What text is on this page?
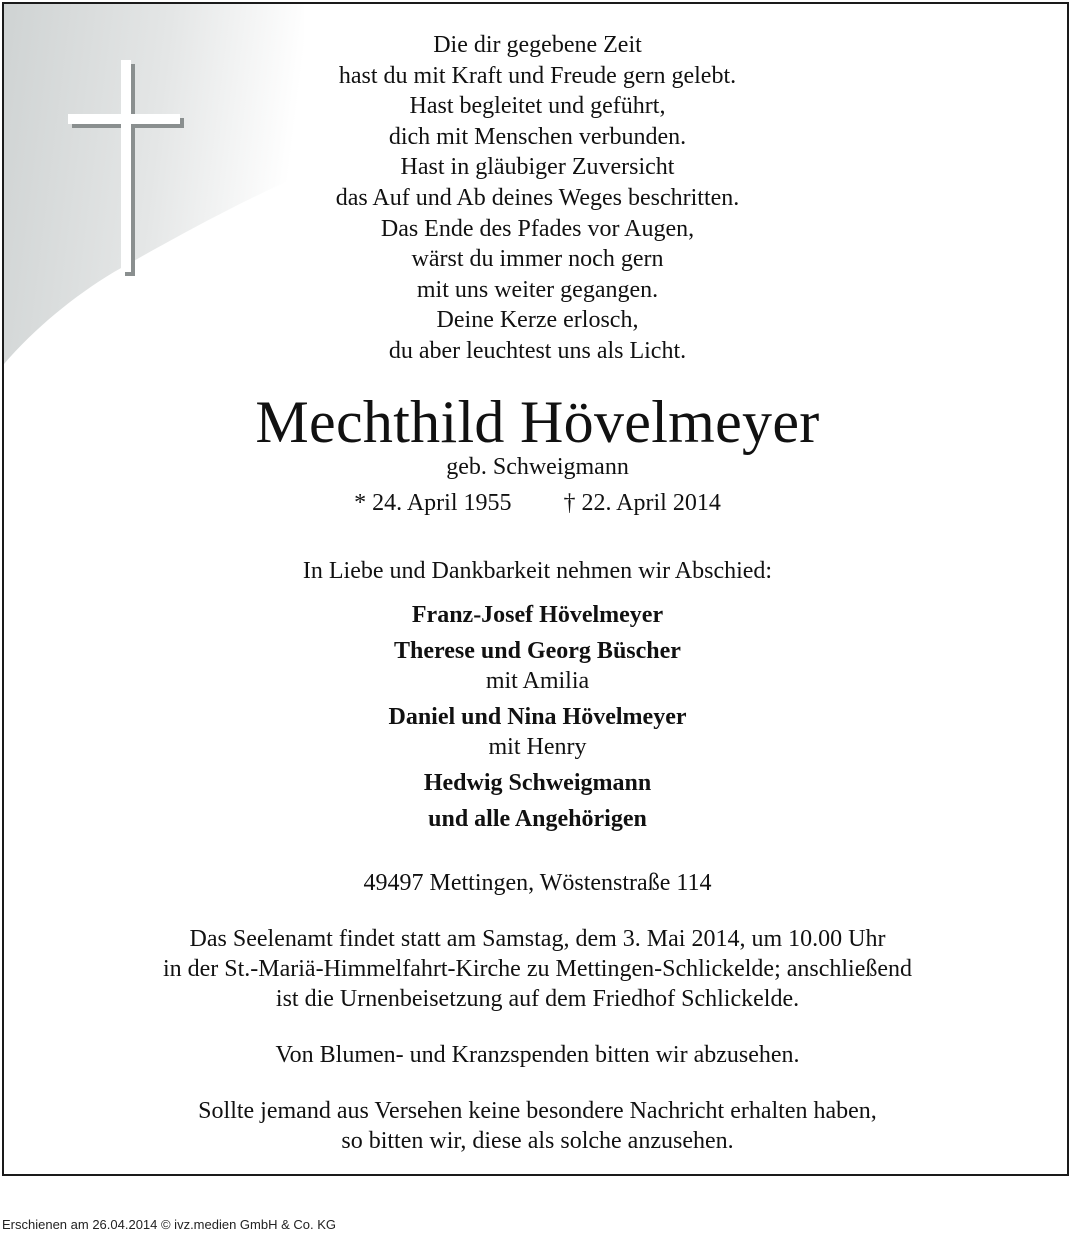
Die dir gegebene Zeit
hast du mit Kraft und Freude gern gelebt.
Hast begleitet und geführt,
dich mit Menschen verbunden.
Hast in gläubiger Zuversicht
das Auf und Ab deines Weges beschritten.
Das Ende des Pfades vor Augen,
wärst du immer noch gern
mit uns weiter gegangen.
Deine Kerze erlosch,
du aber leuchtest uns als Licht.
Mechthild Hövelmeyer
geb. Schweigmann
* 24. April 1955 † 22. April 2014
In Liebe und Dankbarkeit nehmen wir Abschied:
Franz-Josef Hövelmeyer
Therese und Georg Büscher
mit Amilia
Daniel und Nina Hövelmeyer
mit Henry
Hedwig Schweigmann
und alle Angehörigen
49497 Mettingen, Wöstenstraße 114
Das Seelenamt findet statt am Samstag, dem 3. Mai 2014, um 10.00 Uhr
in der St.-Mariä-Himmelfahrt-Kirche zu Mettingen-Schlickelde; anschließend
ist die Urnenbeisetzung auf dem Friedhof Schlickelde.
Von Blumen- und Kranzspenden bitten wir abzusehen.
Sollte jemand aus Versehen keine besondere Nachricht erhalten haben,
so bitten wir, diese als solche anzusehen.
Erschienen am 26.04.2014 © ivz.medien GmbH & Co. KG
